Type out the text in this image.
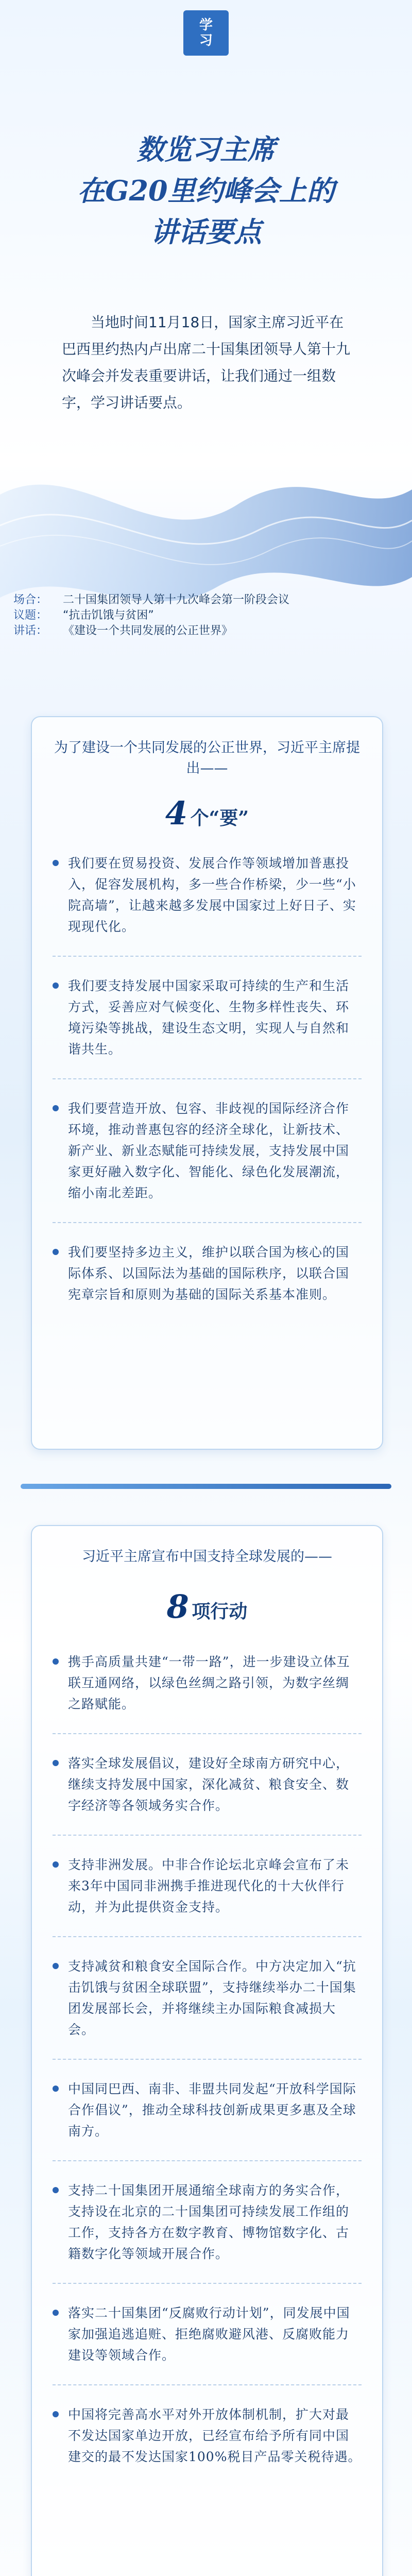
学
习
数览习主席
在G20里约峰会上的
讲话要点
当地时间11月18日，国家主席习近平在巴西里约热内卢出席二十国集团领导人第十九次峰会并发表重要讲话，让我们通过一组数字，学习讲话要点。
场合：	二十国集团领导人第十九次峰会第一阶段会议
议题：	“抗击饥饿与贫困”
讲话：	《建设一个共同发展的公正世界》
为了建设一个共同发展的公正世界，习近平主席提出——
4 个“要”
我们要在贸易投资、发展合作等领域增加普惠投入，促容发展机构，多一些合作桥梁，少一些“小院高墙”，让越来越多发展中国家过上好日子、实现现代化。
我们要支持发展中国家采取可持续的生产和生活方式，妥善应对气候变化、生物多样性丧失、环境污染等挑战，建设生态文明，实现人与自然和谐共生。
我们要营造开放、包容、非歧视的国际经济合作环境，推动普惠包容的经济全球化，让新技术、新产业、新业态赋能可持续发展，支持发展中国家更好融入数字化、智能化、绿色化发展潮流，缩小南北差距。
我们要坚持多边主义，维护以联合国为核心的国际体系、以国际法为基础的国际秩序，以联合国宪章宗旨和原则为基础的国际关系基本准则。
习近平主席宣布中国支持全球发展的——
8 项行动
携手高质量共建“一带一路”，进一步建设立体互联互通网络，以绿色丝绸之路引领，为数字丝绸之路赋能。
落实全球发展倡议，建设好全球南方研究中心，继续支持发展中国家，深化减贫、粮食安全、数字经济等各领域务实合作。
支持非洲发展。中非合作论坛北京峰会宣布了未来3年中国同非洲携手推进现代化的十大伙伴行动，并为此提供资金支持。
支持减贫和粮食安全国际合作。中方决定加入“抗击饥饿与贫困全球联盟”，支持继续举办二十国集团发展部长会，并将继续主办国际粮食减损大会。
中国同巴西、南非、非盟共同发起“开放科学国际合作倡议”，推动全球科技创新成果更多惠及全球南方。
支持二十国集团开展通缩全球南方的务实合作，支持设在北京的二十国集团可持续发展工作组的工作，支持各方在数字教育、博物馆数字化、古籍数字化等领域开展合作。
落实二十国集团“反腐败行动计划”，同发展中国家加强追逃追赃、拒绝腐败避风港、反腐败能力建设等领域合作。
中国将完善高水平对外开放体制机制，扩大对最不发达国家单边开放，已经宣布给予所有同中国建交的最不发达国家100%税目产品零关税待遇。
